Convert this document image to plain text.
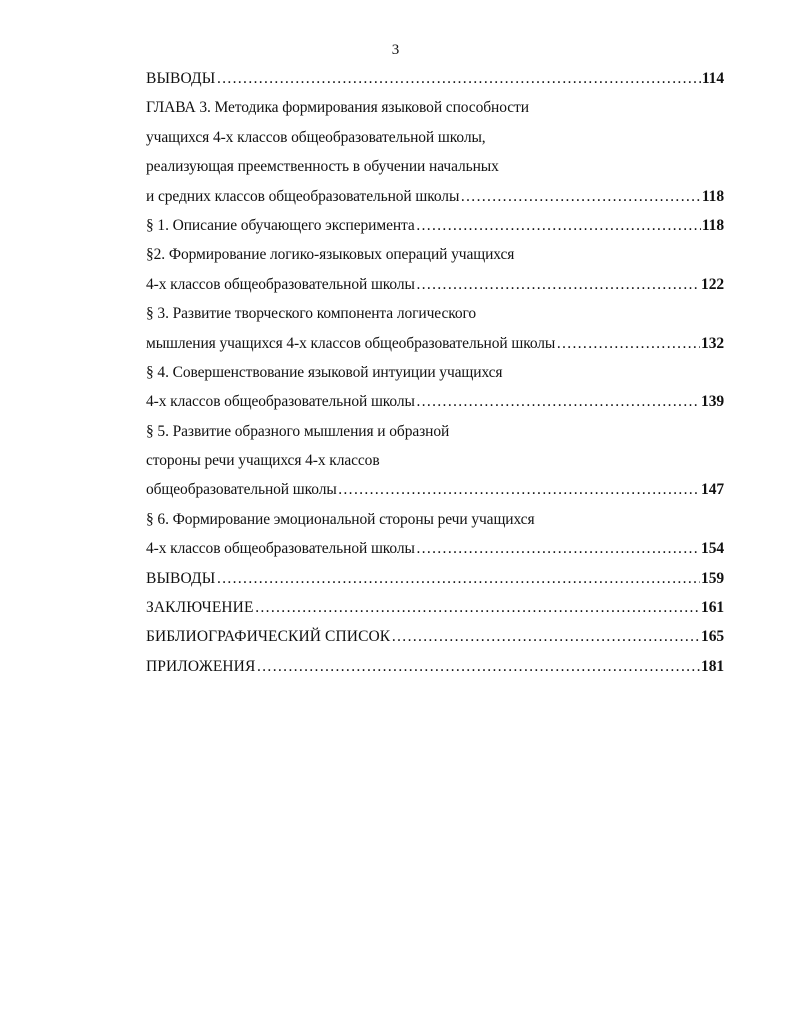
3
ВЫВОДЫ ……………………………………………………………………………………………………………………………………………………………………	114
ГЛАВА 3. Методика формирования языковой способности
учащихся 4-х классов общеобразовательной школы,
реализующая преемственность в обучении начальных
и средних классов общеобразовательной школы ……………………………………………………………………………………………………………………………………………………………………	118
§ 1. Описание обучающего эксперимента ……………………………………………………………………………………………………………………………………………………………………	118
§2. Формирование логико-языковых операций учащихся
4-х классов общеобразовательной школы ……………………………………………………………………………………………………………………………………………………………………	122
§ 3. Развитие творческого компонента логического
мышления учащихся 4-х классов общеобразовательной школы ……………………………………………………………………………………………………………………………………………………………………	132
§ 4. Совершенствование языковой интуиции учащихся
4-х классов общеобразовательной школы ……………………………………………………………………………………………………………………………………………………………………	139
§ 5. Развитие образного мышления и образной
стороны речи учащихся 4-х классов
общеобразовательной школы ……………………………………………………………………………………………………………………………………………………………………	147
§ 6. Формирование эмоциональной стороны речи учащихся
4-х классов общеобразовательной школы ……………………………………………………………………………………………………………………………………………………………………	154
ВЫВОДЫ ……………………………………………………………………………………………………………………………………………………………………	159
ЗАКЛЮЧЕНИЕ ……………………………………………………………………………………………………………………………………………………………………	161
БИБЛИОГРАФИЧЕСКИЙ СПИСОК ……………………………………………………………………………………………………………………………………………………………………	165
ПРИЛОЖЕНИЯ ……………………………………………………………………………………………………………………………………………………………………	181
